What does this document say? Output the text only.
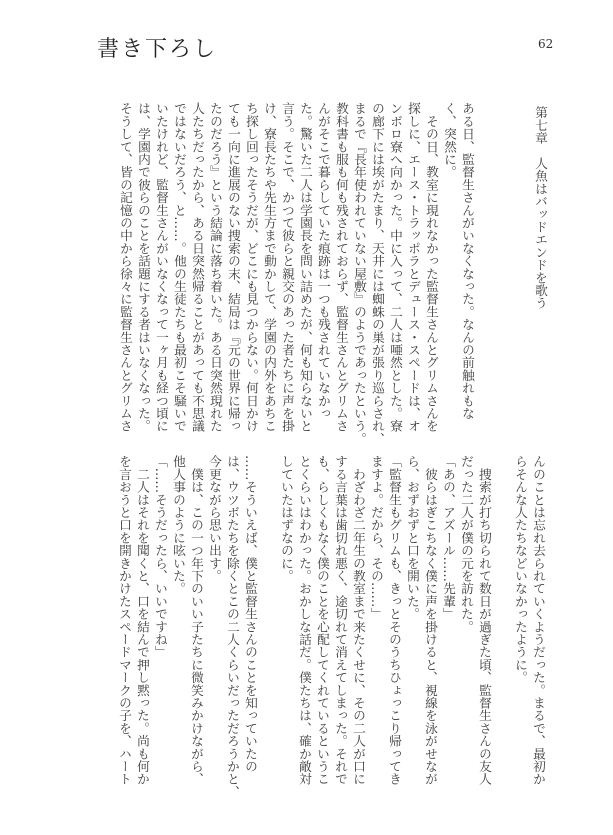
書き下ろし	62
第七章　人魚はバッドエンドを歌う
ある日、監督生さんがいなくなった。なんの前触れもな
く、突然に。
　その日、教室に現れなかった監督生さんとグリムさんを
探しに、エース・トラッポラとデュース・スペードは、オ
ンボロ寮へ向かった。中に入って、二人は唖然とした。寮
の廊下には埃がたまり、天井には蜘蛛の巣が張り巡らされ、
まるで『長年使われていない屋敷』のようであったという。
教科書も服も何も残されておらず、監督生さんとグリムさ
んがそこで暮らしていた痕跡は一つも残されていなかっ
た。驚いた二人は学園長を問い詰めたが、何も知らないと
言う。そこで、かつて彼らと親交のあった者たちに声を掛
け、寮長たちや先生方まで動かして、学園の内外をあちこ
ち探し回ったそうだが、どこにも見つからない。何日かけ
ても一向に進展のない捜索の末、結局は『元の世界に帰っ
たのだろう』という結論に落ち着いた。ある日突然現れた
人たちだったから、ある日突然帰ることがあっても不思議
ではないだろう、と……。他の生徒たちも最初こそ騒いで
いたけれど、監督生さんがいなくなって一ヶ月も経つ頃に
は、学園内で彼らのことを話題にする者はいなくなった。
そうして、皆の記憶の中から徐々に監督生さんとグリムさ
んのことは忘れ去られていくようだった。まるで、最初か
らそんな人たちなどいなかったように。
　捜索が打ち切られて数日が過ぎた頃、監督生さんの友人
だった二人が僕の元を訪れた。
「あの、アズール……先輩」
　彼らはぎこちなく僕に声を掛けると、視線を泳がせなが
ら、おずおずと口を開いた。
「監督生もグリムも、きっとそのうちひょっこり帰ってき
ますよ。だから、その……」
　わざわざ二年生の教室まで来たくせに、その二人が口に
する言葉は歯切れ悪く、途切れて消えてしまった。それで
も、らしくもなく僕のことを心配してくれているというこ
とくらいはわかった。おかしな話だ。僕たちは、確か敵対
していたはずなのに。
……そういえば、僕と監督生さんのことを知っていたの
は、ウツボたちを除くとこの二人くらいだっただろうかと、
今更ながら思い出す。
　僕は、この一つ年下のいい子たちに微笑みかけながら、
他人事のように呟いた。
「……そうだったら、いいですね」
　二人はそれを聞くと、口を結んで押し黙った。尚も何か
を言おうと口を開きかけたスペードマークの子を、ハート
